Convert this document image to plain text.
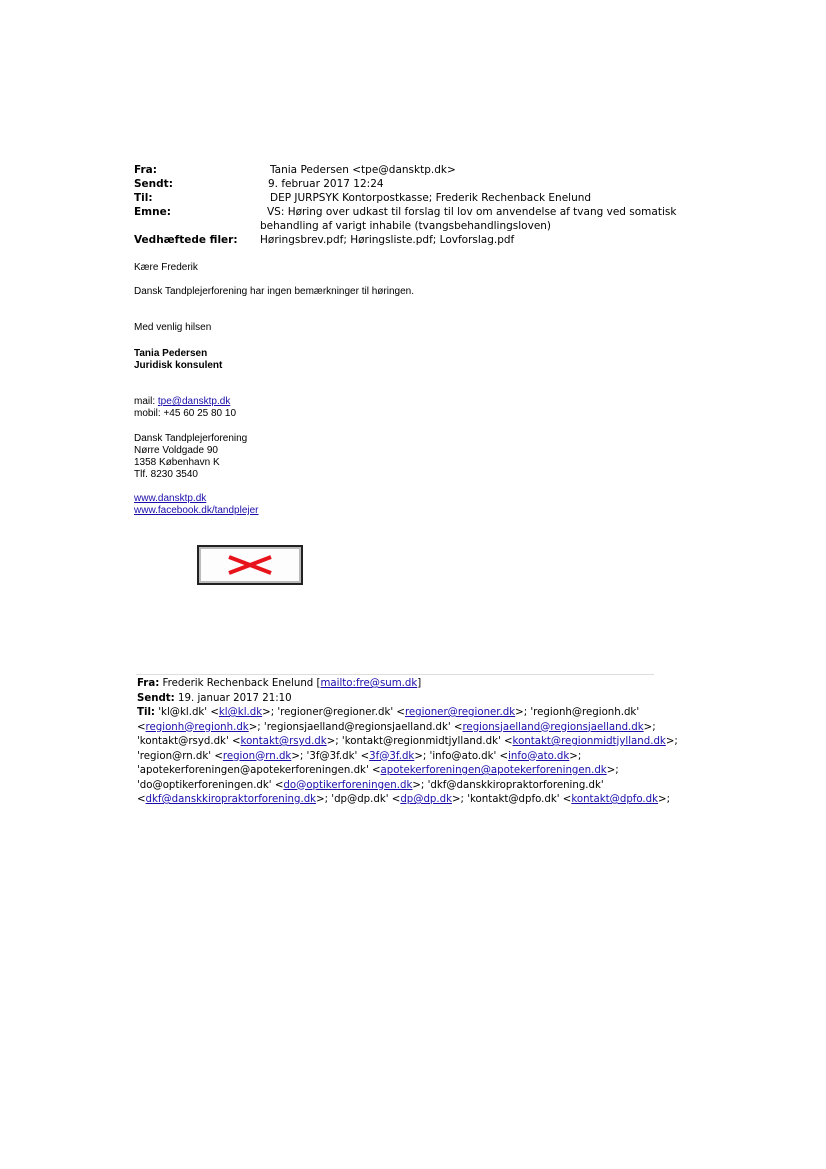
Fra:	Tania Pedersen <tpe@dansktp.dk>
Sendt:	9. februar 2017 12:24
Til:	DEP JURPSYK Kontorpostkasse; Frederik Rechenback Enelund
Emne:	VS: Høring over udkast til forslag til lov om anvendelse af tvang ved somatisk
behandling af varigt inhabile (tvangsbehandlingsloven)
Vedhæftede filer: Høringsbrev.pdf; Høringsliste.pdf; Lovforslag.pdf
Kære Frederik
Dansk Tandplejerforening har ingen bemærkninger til høringen.
Med venlig hilsen
Tania Pedersen
Juridisk konsulent
mail: tpe@dansktp.dk
mobil: +45 60 25 80 10
Dansk Tandplejerforening
Nørre Voldgade 90
1358 København K
Tlf. 8230 3540
www.dansktp.dk
www.facebook.dk/tandplejer
Fra: Frederik Rechenback Enelund [mailto:fre@sum.dk]
Sendt: 19. januar 2017 21:10
Til: 'kl@kl.dk' <kl@kl.dk>; 'regioner@regioner.dk' <regioner@regioner.dk>; 'regionh@regionh.dk'
<regionh@regionh.dk>; 'regionsjaelland@regionsjaelland.dk' <regionsjaelland@regionsjaelland.dk>;
'kontakt@rsyd.dk' <kontakt@rsyd.dk>; 'kontakt@regionmidtjylland.dk' <kontakt@regionmidtjylland.dk>;
'region@rn.dk' <region@rn.dk>; '3f@3f.dk' <3f@3f.dk>; 'info@ato.dk' <info@ato.dk>;
'apotekerforeningen@apotekerforeningen.dk' <apotekerforeningen@apotekerforeningen.dk>;
'do@optikerforeningen.dk' <do@optikerforeningen.dk>; 'dkf@danskkiropraktorforening.dk'
<dkf@danskkiropraktorforening.dk>; 'dp@dp.dk' <dp@dp.dk>; 'kontakt@dpfo.dk' <kontakt@dpfo.dk>;
